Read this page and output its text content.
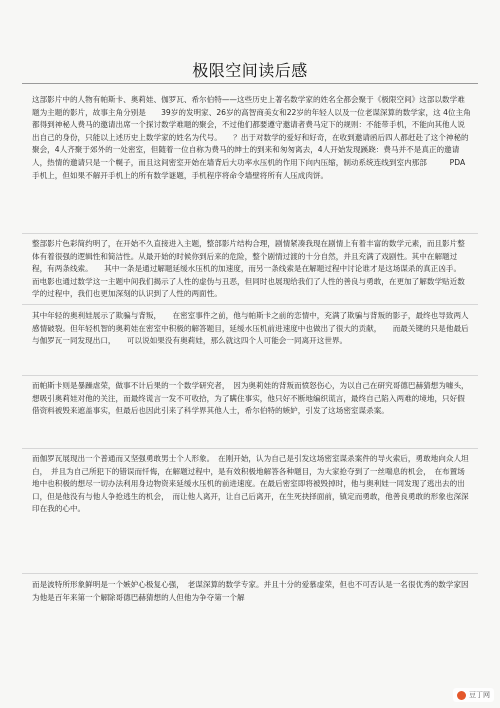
极限空间读后感
这部影片中的人物有帕斯卡、奥莉娃、伽罗瓦、希尔伯特——这些历史上著名数学家的姓名全都会聚于《极限空间》这部以数学难题为主题的影片，故事主角分别是　　39岁的发明家、26岁的高智商美女和22岁的年轻人以及一位老谋深算的数学家，这 4位主角都得到神秘人费马的邀请出席一个探讨数学难题的聚会，不过他们都要遵守邀请者费马定下的规则：不能带手机，不能向其他人说出自己的身份，只能以上述历史上数学家的姓名为代号。　　？出于对数学的爱好和好奇，在收到邀请函后四人都赶赴了这个神秘的聚会，4人齐聚于郊外的一处密室，但随着一位自称为费马的绅士的到来和匆匆离去，4人开始发现蹊跷：费马并不是真正的邀请人，热情的邀请只是一个幌子，而且这间密室开始在墙背后大功率水压机的作用下向内压缩，制动系统连线到室内那部　　　PDA手机上，但如果不解开手机上的所有数学谜题，手机程序将命令墙壁将所有人压成肉饼。
整部影片色彩简约明了，在开始不久直接进入主题，整部影片结构合理，剧情紧凑我现在剧情上有着丰富的数学元素，而且影片整体有着很强的逻辑性和简洁性。从最开始的时候你到后来的危险，整个剧情过渡的十分自然，并且充满了戏剧性。其中在解题过程，有两条线索。　　其中一条是通过解题延缓水压机的加速度，而另一条线索是在解题过程中讨论谁才是这场谋杀的真正凶手。　　而电影也通过数学这一主题中间我们揭示了人性的虚伪与丑恶，但同时也展现给我们了人性的善良与勇敢，在更加了解数学贴近数学的过程中，我们也更加深刻的认识到了人性的两面性。
其中年轻的奥利娃展示了欺骗与背叛，　　在密室事件之前，他与帕斯卡之前的恋情中，充满了欺骗与背叛的影子，最终也导致两人感情破裂。但年轻机智的奥莉娃在密室中积极的解答题目，延缓水压机前进速度中也做出了很大的贡献，　　而最关键的只是他最后与伽罗瓦一同发现出口，　　可以说如果没有奥莉娃，那么就这四个人可能会一同离开这世界。
而帕斯卡则是暴躁虐荣，做事不计后果的一个数学研究者，　因为奥莉娃的背叛而愤怒伤心，为以自己在研究哥德巴赫猜想为噱头，想吸引奥莉娃对他的关注，而最终谎言一发不可收拾，为了瞒住事实，他只好不断地编织谎言，最终自己陷入两难的境地，只好假借资料被毁来遮盖事实，但最后也因此引来了科学界其他人士，希尔伯特的嫉妒，引发了这场密室谋杀案。
而伽罗瓦展现出一个普通而又坚强勇敢男士个人形象。　在刚开始，认为自己是引发这场密室谋杀案件的导火索后，勇敢地向众人坦白，　并且为自己所犯下的错误而忏悔，在解题过程中，是有效积极地解答各种题目，为大家抢夺到了一丝喘息的机会，　在布置场地中也积极的想尽一切办法利用身边物资来延缓水压机的前进速度。在最后密室即将被毁掉时，他与奥利娃一同发现了逃出去的出口，但是他没有与他人争抢逃生的机会，　而让他人离开，让自己后离开，在生死抉择面前，镇定而勇敢，他善良勇敢的形象也深深印在我的心中。
而是波特所形象鲜明是一个嫉妒心极复心强，　老谋深算的数学专家。并且十分的爱慕虚荣，但也不可否认是一名很优秀的数学家因为他是百年来第一个解除哥德巴赫猜想的人但他为争夺第一个解
豆丁网
